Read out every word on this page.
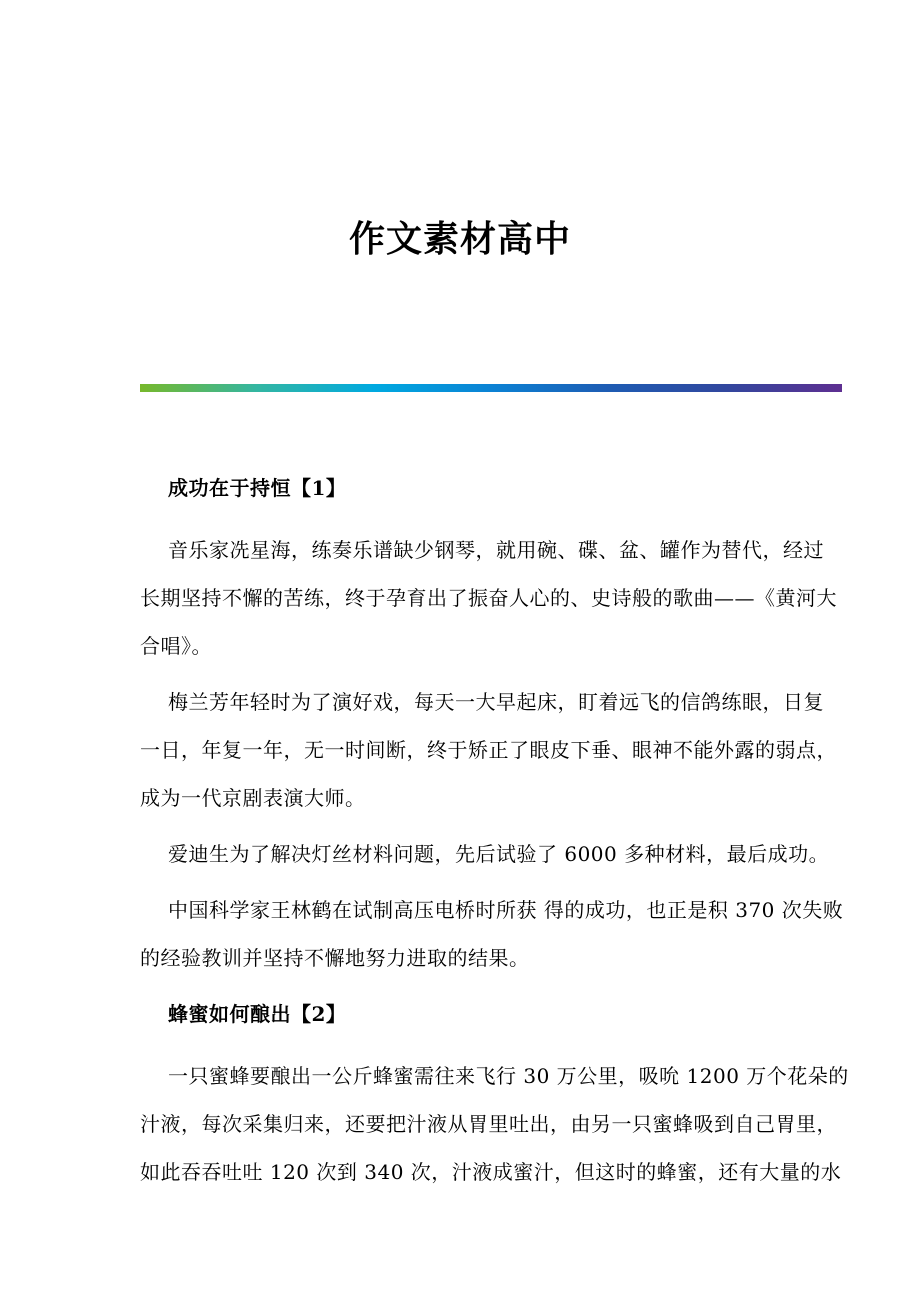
作文素材高中
成功在于持恒【1】
音乐家冼星海，练奏乐谱缺少钢琴，就用碗、碟、盆、罐作为替代，经过
长期坚持不懈的苦练，终于孕育出了振奋人心的、史诗般的歌曲——《黄河大
合唱》。
梅兰芳年轻时为了演好戏，每天一大早起床，盯着远飞的信鸽练眼，日复
一日，年复一年，无一时间断，终于矫正了眼皮下垂、眼神不能外露的弱点，
成为一代京剧表演大师。
爱迪生为了解决灯丝材料问题，先后试验了 6000 多种材料，最后成功。
中国科学家王林鹤在试制高压电桥时所获 得的成功，也正是积 370 次失败
的经验教训并坚持不懈地努力进取的结果。
蜂蜜如何酿出【2】
一只蜜蜂要酿出一公斤蜂蜜需往来飞行 30 万公里，吸吮 1200 万个花朵的
汁液，每次采集归来，还要把汁液从胃里吐出，由另一只蜜蜂吸到自己胃里，
如此吞吞吐吐 120 次到 340 次，汁液成蜜汁，但这时的蜂蜜，还有大量的水
